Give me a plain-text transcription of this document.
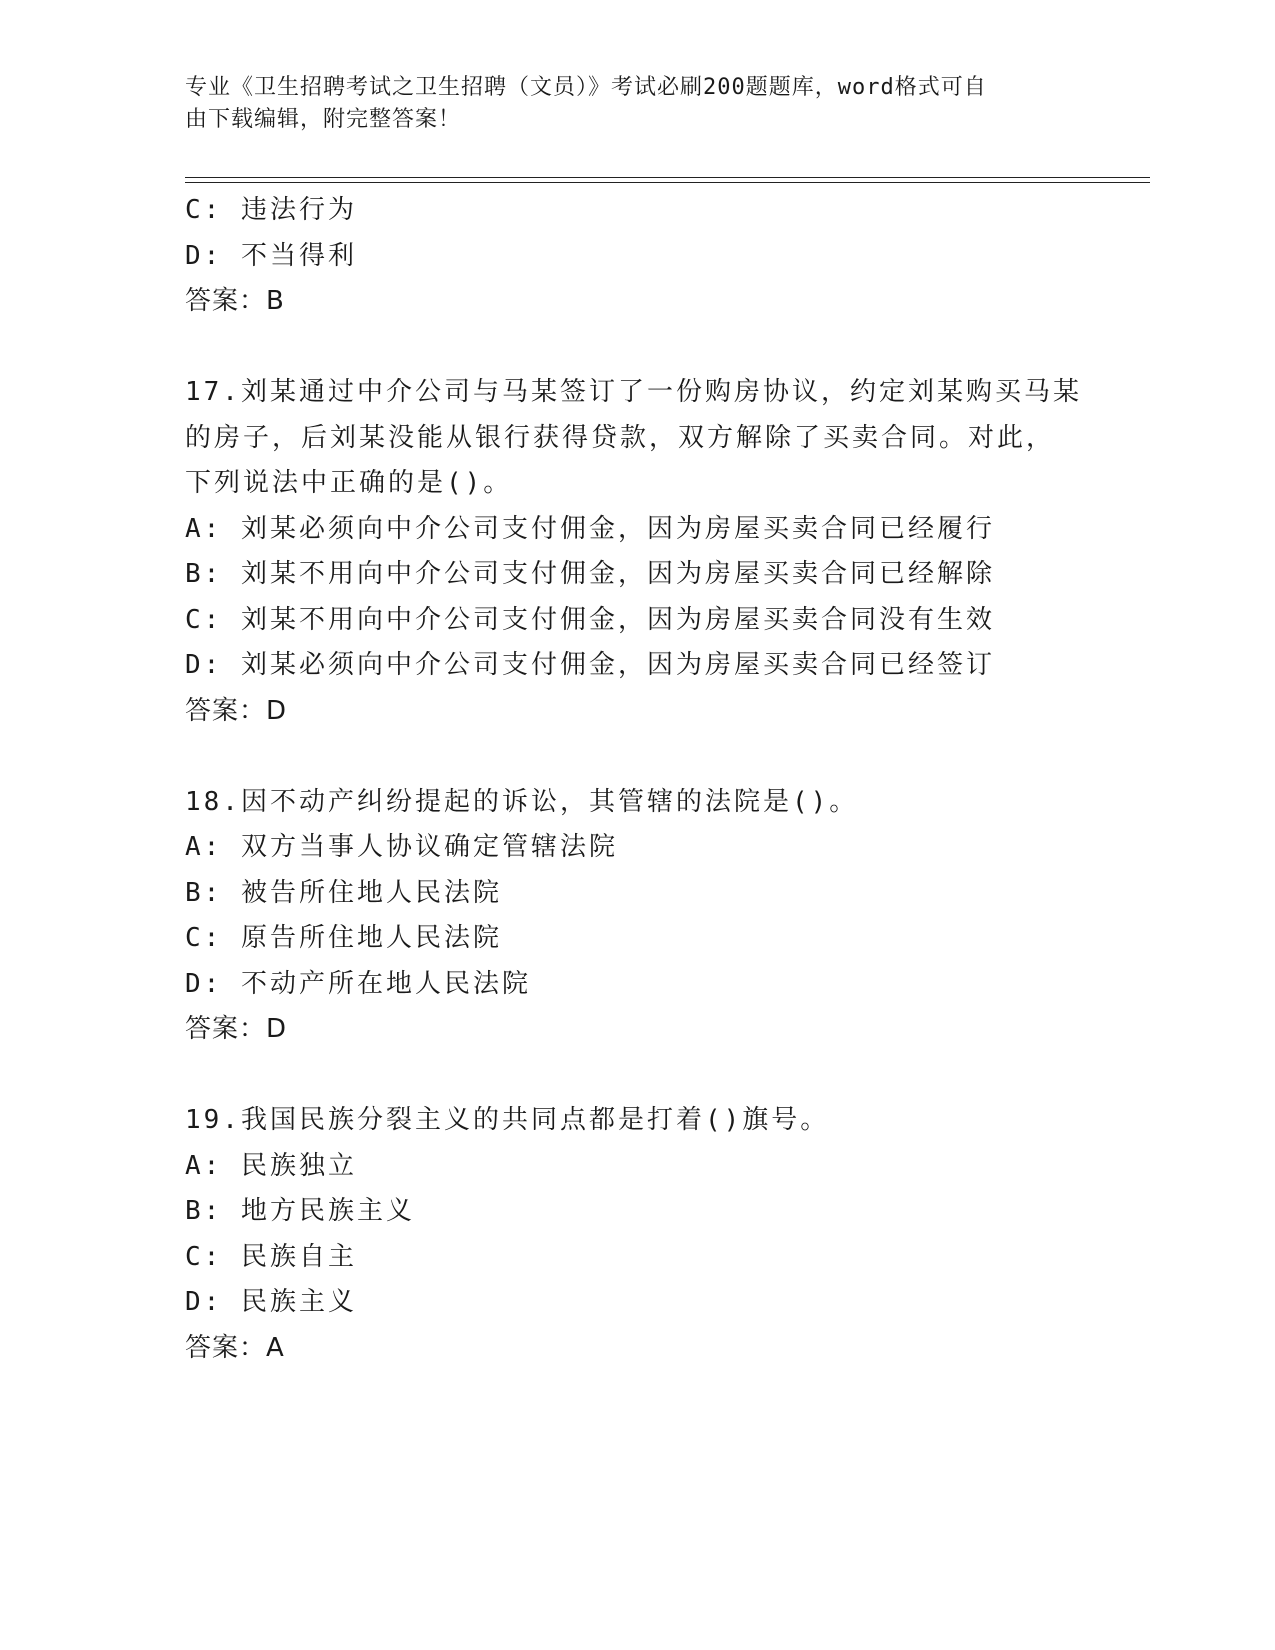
专业《卫生招聘考试之卫生招聘（文员）》考试必刷200题题库，word格式可自
由下载编辑，附完整答案！
C: 违法行为
D: 不当得利
答案：B
17.刘某通过中介公司与马某签订了一份购房协议，约定刘某购买马某
的房子，后刘某没能从银行获得贷款，双方解除了买卖合同。对此，
下列说法中正确的是()。
A: 刘某必须向中介公司支付佣金，因为房屋买卖合同已经履行
B: 刘某不用向中介公司支付佣金，因为房屋买卖合同已经解除
C: 刘某不用向中介公司支付佣金，因为房屋买卖合同没有生效
D: 刘某必须向中介公司支付佣金，因为房屋买卖合同已经签订
答案：D
18.因不动产纠纷提起的诉讼，其管辖的法院是()。
A: 双方当事人协议确定管辖法院
B: 被告所住地人民法院
C: 原告所住地人民法院
D: 不动产所在地人民法院
答案：D
19.我国民族分裂主义的共同点都是打着()旗号。
A: 民族独立
B: 地方民族主义
C: 民族自主
D: 民族主义
答案：A
